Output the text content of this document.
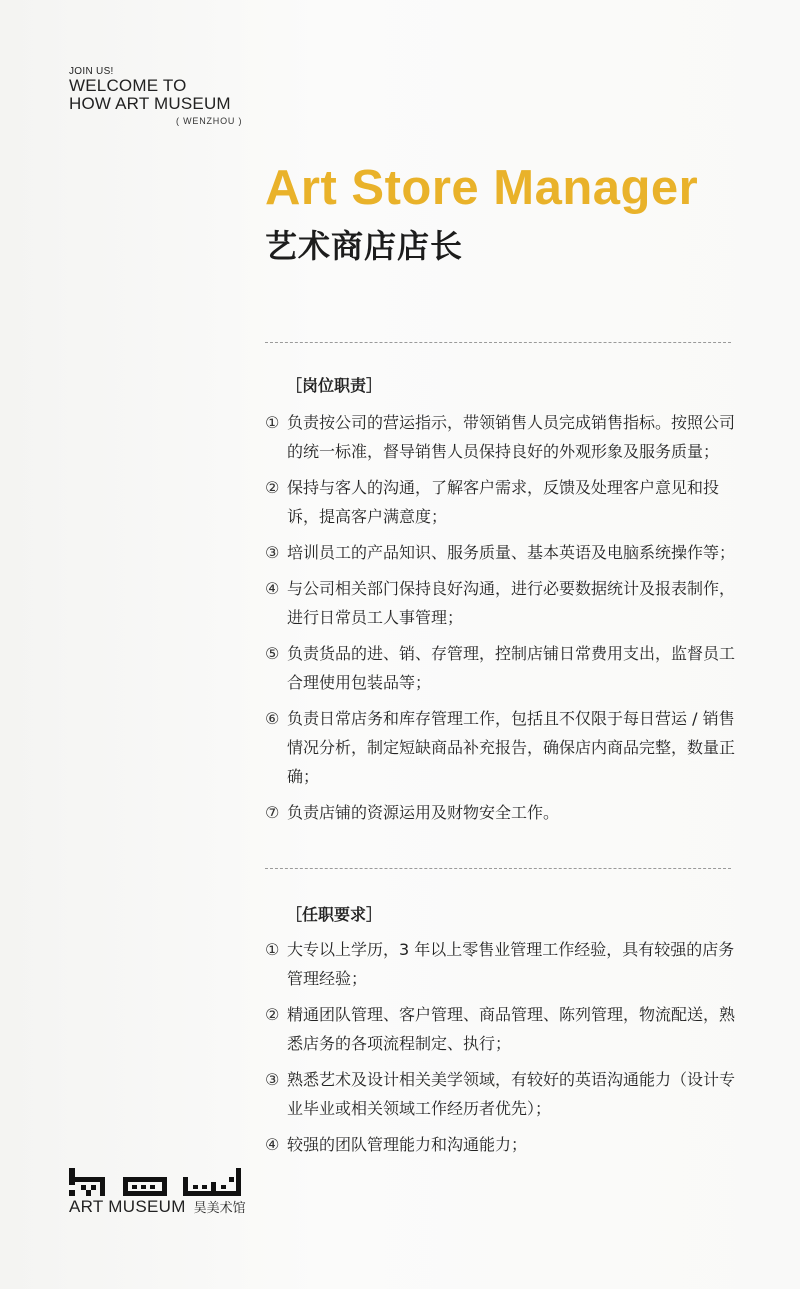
JOIN US!
WELCOME TO
HOW ART MUSEUM
( WENZHOU )
Art Store Manager
艺术商店店长
［岗位职责］
① 负责按公司的营运指示，带领销售人员完成销售指标。按照公司的统一标准，督导销售人员保持良好的外观形象及服务质量；
② 保持与客人的沟通，了解客户需求，反馈及处理客户意见和投诉，提高客户满意度；
③ 培训员工的产品知识、服务质量、基本英语及电脑系统操作等；
④ 与公司相关部门保持良好沟通，进行必要数据统计及报表制作，进行日常员工人事管理；
⑤ 负责货品的进、销、存管理，控制店铺日常费用支出，监督员工合理使用包装品等；
⑥ 负责日常店务和库存管理工作，包括且不仅限于每日营运 / 销售情况分析，制定短缺商品补充报告，确保店内商品完整，数量正确；
⑦ 负责店铺的资源运用及财物安全工作。
［任职要求］
① 大专以上学历，3 年以上零售业管理工作经验，具有较强的店务管理经验；
② 精通团队管理、客户管理、商品管理、陈列管理，物流配送，熟悉店务的各项流程制定、执行；
③ 熟悉艺术及设计相关美学领域，有较好的英语沟通能力（设计专业毕业或相关领域工作经历者优先）；
④ 较强的团队管理能力和沟通能力；
ART MUSEUM 昊美术馆
